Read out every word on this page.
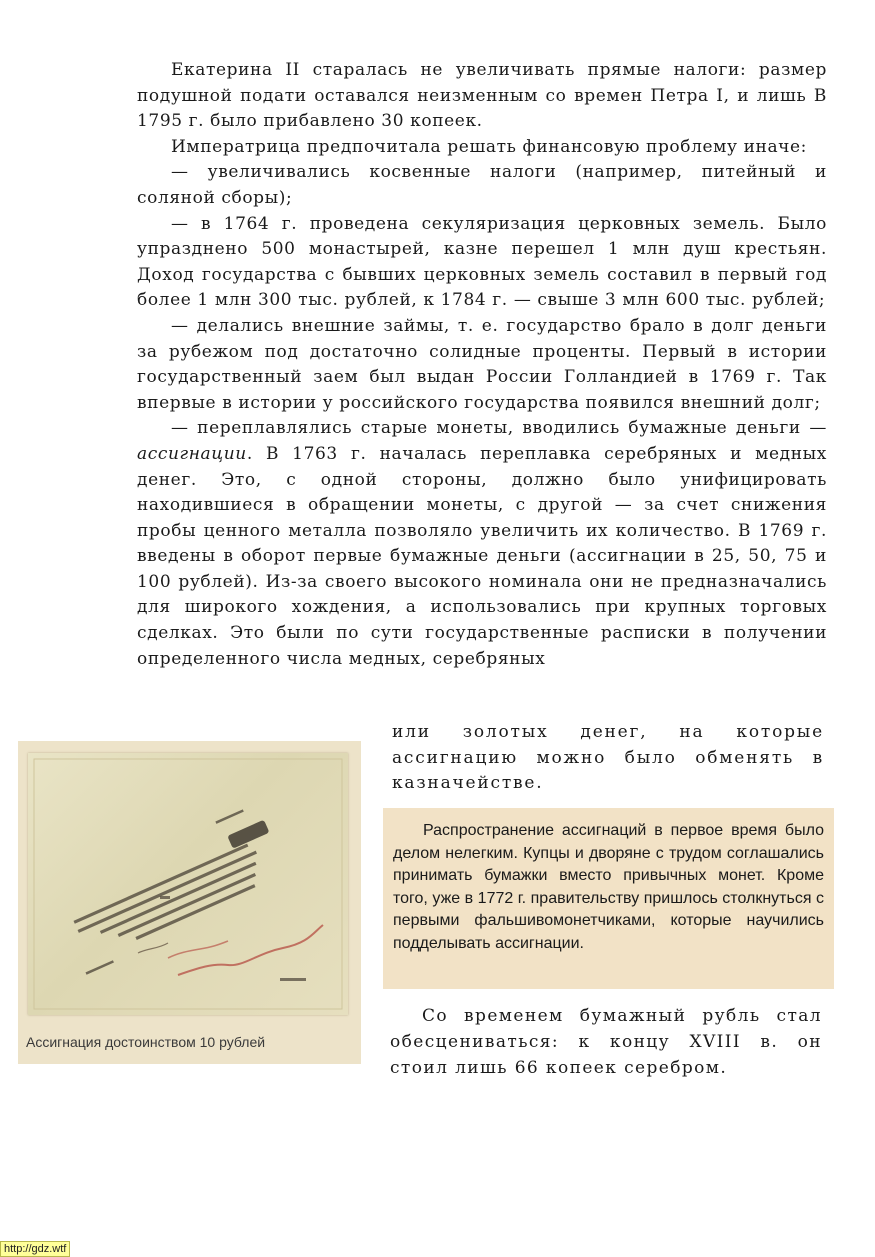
Екатерина II старалась не увеличивать прямые налоги: размер подушной подати оставался неизменным со времен Петра I, и лишь В 1795 г. было прибавлено 30 копеек.

Императрица предпочитала решать финансовую проблему иначе:

— увеличивались косвенные налоги (например, питейный и соляной сборы);

— в 1764 г. проведена секуляризация церковных земель. Было упразднено 500 монастырей, казне перешел 1 млн душ крестьян. Доход государства с бывших церковных земель составил в первый год более 1 млн 300 тыс. рублей, к 1784 г. — свыше 3 млн 600 тыс. рублей;

— делались внешние займы, т. е. государство брало в долг деньги за рубежом под достаточно солидные проценты. Первый в истории государственный заем был выдан России Голландией в 1769 г. Так впервые в истории у российского государства появился внешний долг;

— переплавлялись старые монеты, вводились бумажные деньги — ассигнации. В 1763 г. началась переплавка серебряных и медных денег. Это, с одной стороны, должно было унифицировать находившиеся в обращении монеты, с другой — за счет снижения пробы ценного металла позволяло увеличить их количество. В 1769 г. введены в оборот первые бумажные деньги (ассигнации в 25, 50, 75 и 100 рублей). Из-за своего высокого номинала они не предназначались для широкого хождения, а использовались при крупных торговых сделках. Это были по сути государственные расписки в получении определенного числа медных, серебряных

или золотых денег, на которые ассигнацию можно было обменять в казначействе.

Ассигнация достоинством 10 рублей

Распространение ассигнаций в первое время было делом нелегким. Купцы и дворяне с трудом соглашались принимать бумажки вместо привычных монет. Кроме того, уже в 1772 г. правительству пришлось столкнуться с первыми фальшивомонетчиками, которые научились подделывать ассигнации.

Со временем бумажный рубль стал обесцениваться: к концу XVIII в. он стоил лишь 66 копеек серебром.

http://gdz.wtf
